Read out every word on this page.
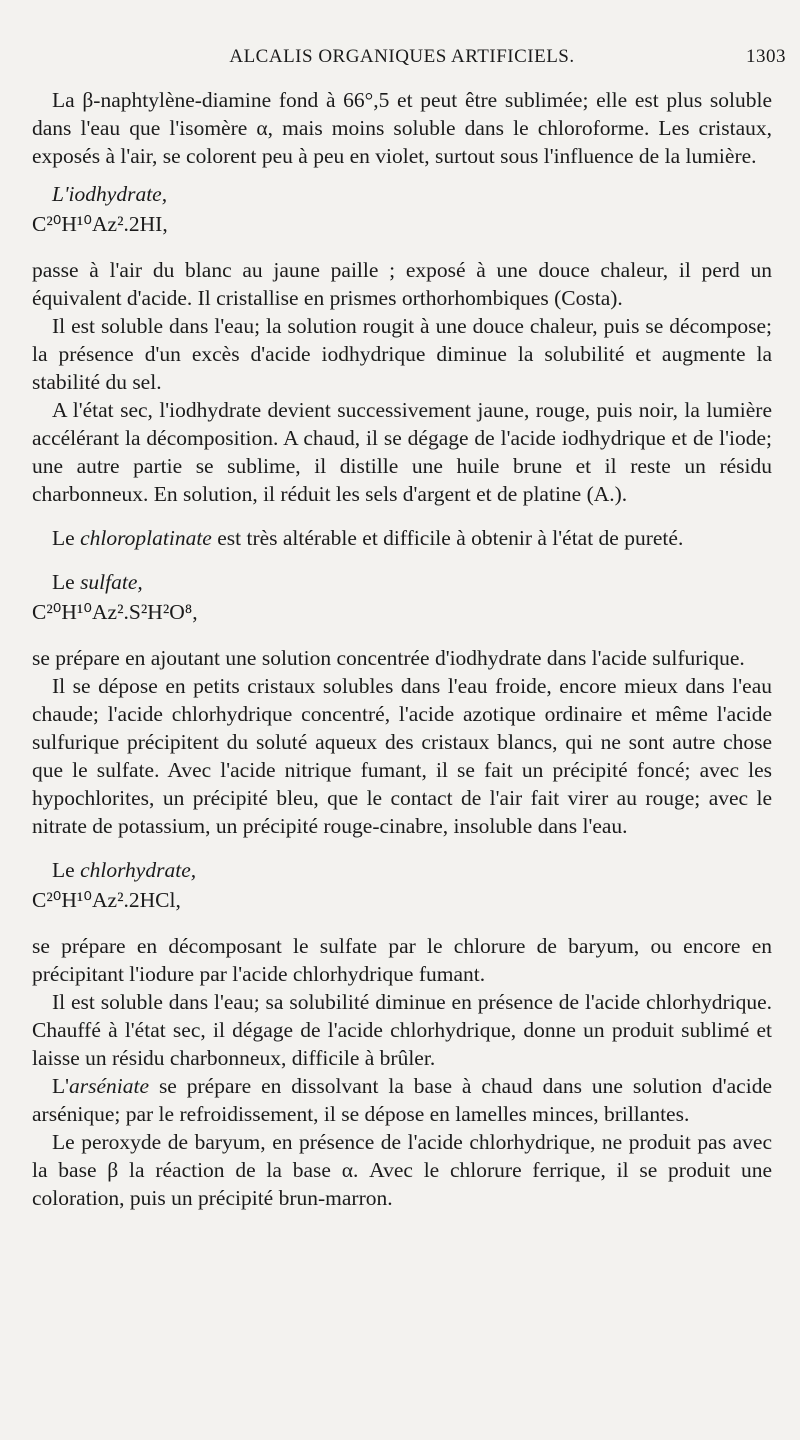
ALCALIS ORGANIQUES ARTIFICIELS.	1303

La β-naphtylène-diamine fond à 66°,5 et peut être sublimée; elle est plus soluble dans l'eau que l'isomère α, mais moins soluble dans le chloroforme. Les cristaux, exposés à l'air, se colorent peu à peu en violet, surtout sous l'influence de la lumière.

L'iodhydrate,

C²⁰H¹⁰Az².2HI,

passe à l'air du blanc au jaune paille ; exposé à une douce chaleur, il perd un équivalent d'acide. Il cristallise en prismes orthorhombiques (Costa).

Il est soluble dans l'eau; la solution rougit à une douce chaleur, puis se décompose; la présence d'un excès d'acide iodhydrique diminue la solubilité et augmente la stabilité du sel.

A l'état sec, l'iodhydrate devient successivement jaune, rouge, puis noir, la lumière accélérant la décomposition. A chaud, il se dégage de l'acide iodhydrique et de l'iode; une autre partie se sublime, il distille une huile brune et il reste un résidu charbonneux. En solution, il réduit les sels d'argent et de platine (A.).

Le chloroplatinate est très altérable et difficile à obtenir à l'état de pureté.

Le sulfate,

C²⁰H¹⁰Az².S²H²O⁸,

se prépare en ajoutant une solution concentrée d'iodhydrate dans l'acide sulfurique.

Il se dépose en petits cristaux solubles dans l'eau froide, encore mieux dans l'eau chaude; l'acide chlorhydrique concentré, l'acide azotique ordinaire et même l'acide sulfurique précipitent du soluté aqueux des cristaux blancs, qui ne sont autre chose que le sulfate. Avec l'acide nitrique fumant, il se fait un précipité foncé; avec les hypochlorites, un précipité bleu, que le contact de l'air fait virer au rouge; avec le nitrate de potassium, un précipité rouge-cinabre, insoluble dans l'eau.

Le chlorhydrate,

C²⁰H¹⁰Az².2HCl,

se prépare en décomposant le sulfate par le chlorure de baryum, ou encore en précipitant l'iodure par l'acide chlorhydrique fumant.

Il est soluble dans l'eau; sa solubilité diminue en présence de l'acide chlorhydrique. Chauffé à l'état sec, il dégage de l'acide chlorhydrique, donne un produit sublimé et laisse un résidu charbonneux, difficile à brûler.

L'arséniate se prépare en dissolvant la base à chaud dans une solution d'acide arsénique; par le refroidissement, il se dépose en lamelles minces, brillantes.

Le peroxyde de baryum, en présence de l'acide chlorhydrique, ne produit pas avec la base β la réaction de la base α. Avec le chlorure ferrique, il se produit une coloration, puis un précipité brun-marron.
